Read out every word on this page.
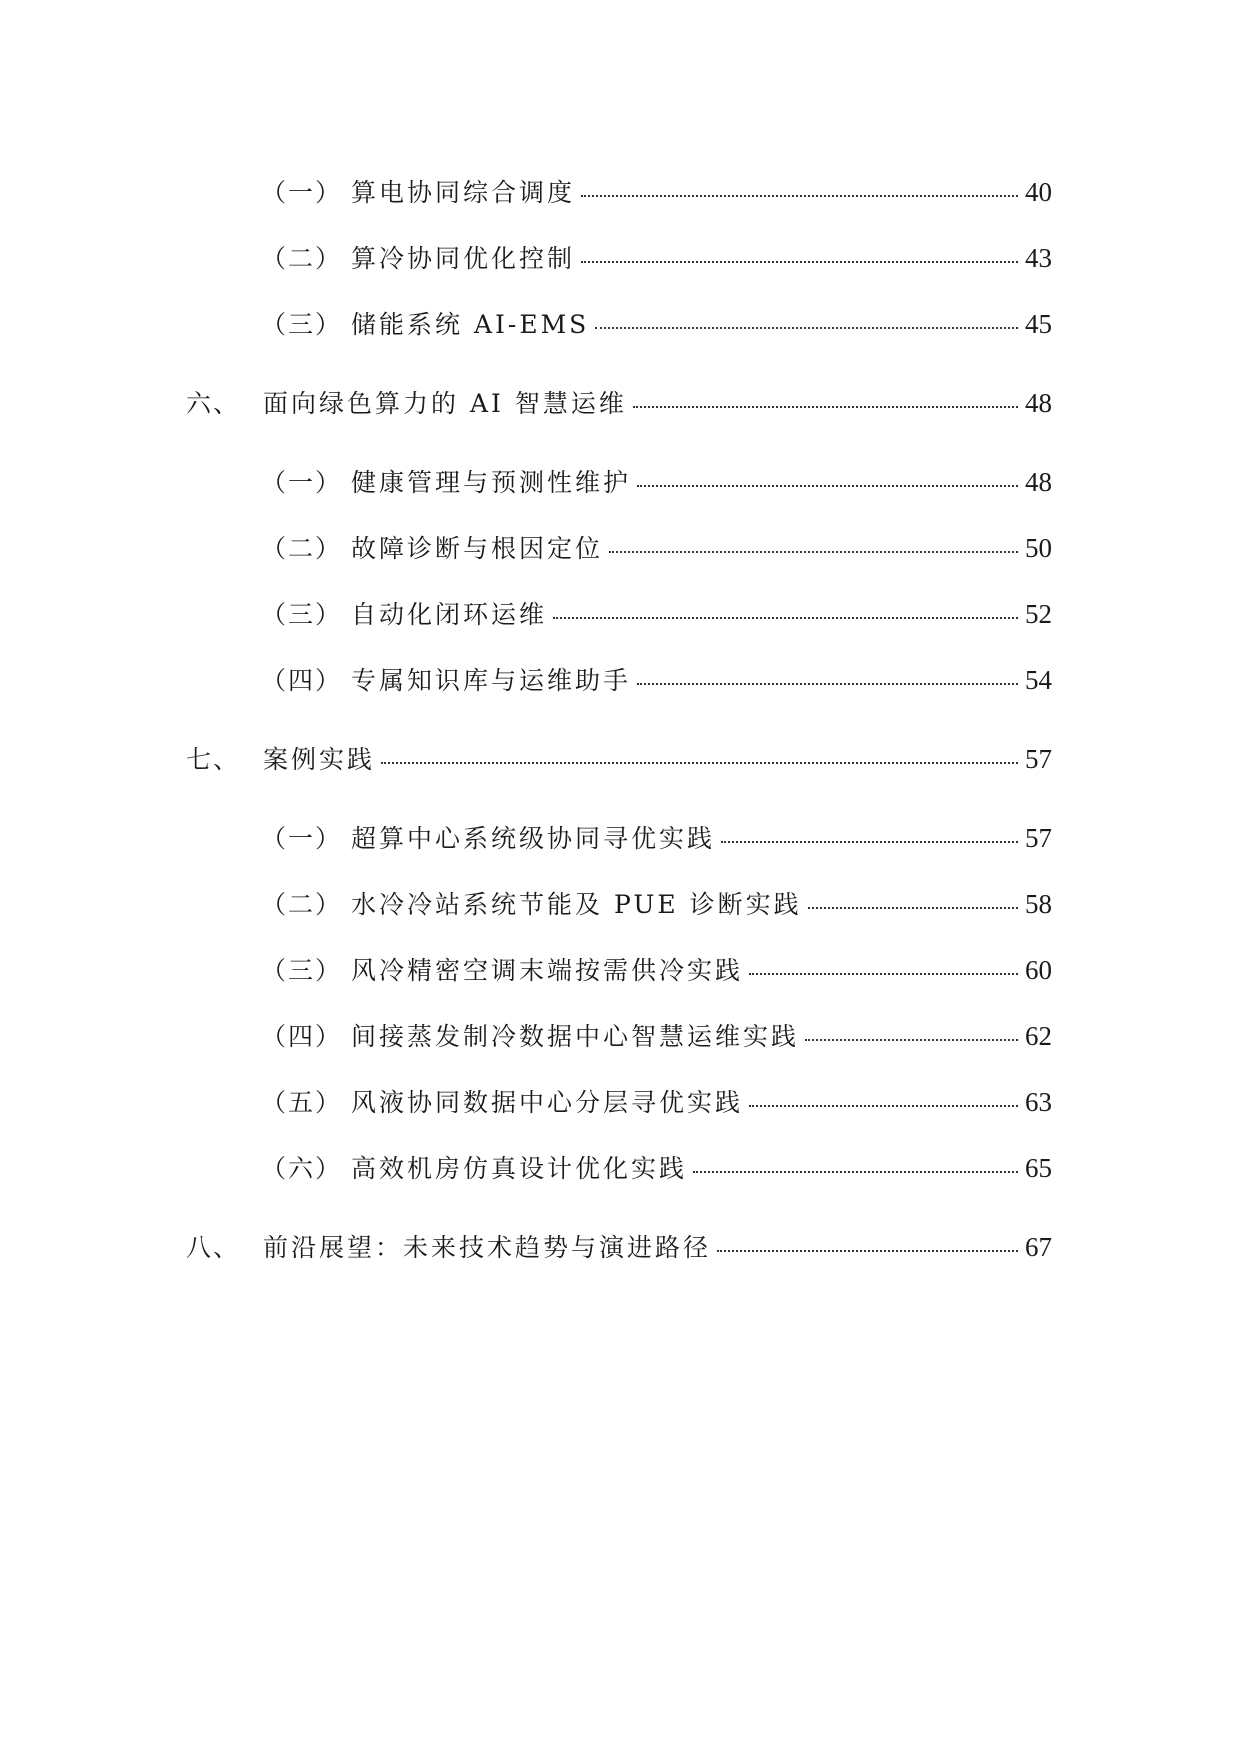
（一） 算电协同综合调度	40
（二） 算冷协同优化控制	43
（三） 储能系统 AI-EMS	45
六、 面向绿色算力的 AI 智慧运维	48
（一） 健康管理与预测性维护	48
（二） 故障诊断与根因定位	50
（三） 自动化闭环运维	52
（四） 专属知识库与运维助手	54
七、 案例实践	57
（一） 超算中心系统级协同寻优实践	57
（二） 水冷冷站系统节能及 PUE 诊断实践	58
（三） 风冷精密空调末端按需供冷实践	60
（四） 间接蒸发制冷数据中心智慧运维实践	62
（五） 风液协同数据中心分层寻优实践	63
（六） 高效机房仿真设计优化实践	65
八、 前沿展望：未来技术趋势与演进路径	67
